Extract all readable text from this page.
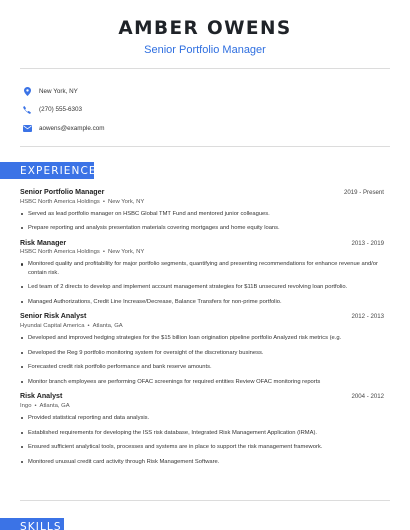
AMBER OWENS
Senior Portfolio Manager
New York, NY
(270) 555-6303
aowens@example.com
EXPERIENCE
Senior Portfolio Manager	2019 - Present
HSBC North America Holdings • New York, NY
Served as lead portfolio manager on HSBC Global TMT Fund and mentored junior colleagues.
Prepare reporting and analysis presentation materials covering mortgages and home equity loans.
Risk Manager	2013 - 2019
HSBC North America Holdings • New York, NY
Monitored quality and profitability for major portfolio segments, quantifying and presenting recommendations for enhance revenue and/or contain risk.
Led team of 2 directs to develop and implement account management strategies for $11B unsecured revolving loan portfolio.
Managed Authorizations, Credit Line Increase/Decrease, Balance Transfers for non-prime portfolio.
Senior Risk Analyst	2012 - 2013
Hyundai Capital America • Atlanta, GA
Developed and improved hedging strategies for the $15 billion loan origination pipeline portfolio Analyzed risk metrics (e.g.
Developed the Reg 9 portfolio monitoring system for oversight of the discretionary business.
Forecasted credit risk portfolio performance and bank reserve amounts.
Monitor branch employees are performing OFAC screenings for required entities Review OFAC monitoring reports
Risk Analyst	2004 - 2012
Ingo • Atlanta, GA
Provided statistical reporting and data analysis.
Established requirements for developing the ISS risk database, Integrated Risk Management Application (IRMA).
Ensured sufficient analytical tools, processes and systems are in place to support the risk management framework.
Monitored unusual credit card activity through Risk Management Software.
SKILLS
